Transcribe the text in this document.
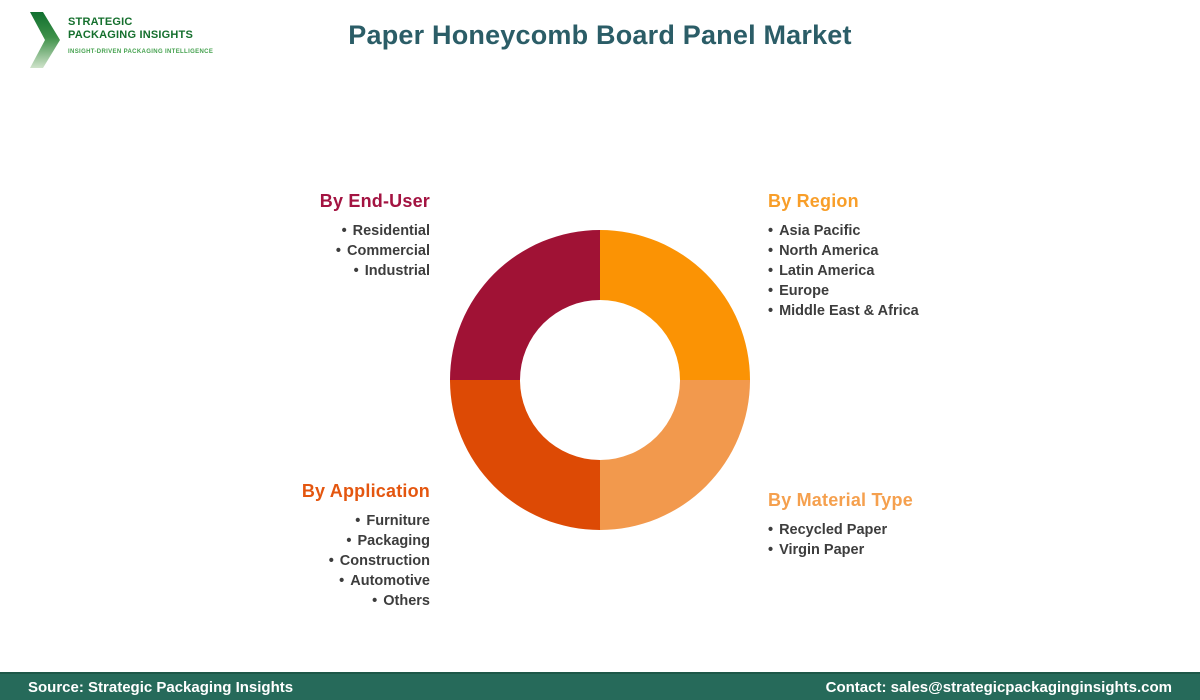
STRATEGIC
PACKAGING INSIGHTS
INSIGHT-DRIVEN PACKAGING INTELLIGENCE
Paper Honeycomb Board Panel Market
By End-User
• Residential
• Commercial
• Industrial
By Region
• Asia Pacific
• North America
• Latin America
• Europe
• Middle East & Africa
By Application
• Furniture
• Packaging
• Construction
• Automotive
• Others
By Material Type
• Recycled Paper
• Virgin Paper
Source: Strategic Packaging Insights	Contact: sales@strategicpackaginginsights.com
